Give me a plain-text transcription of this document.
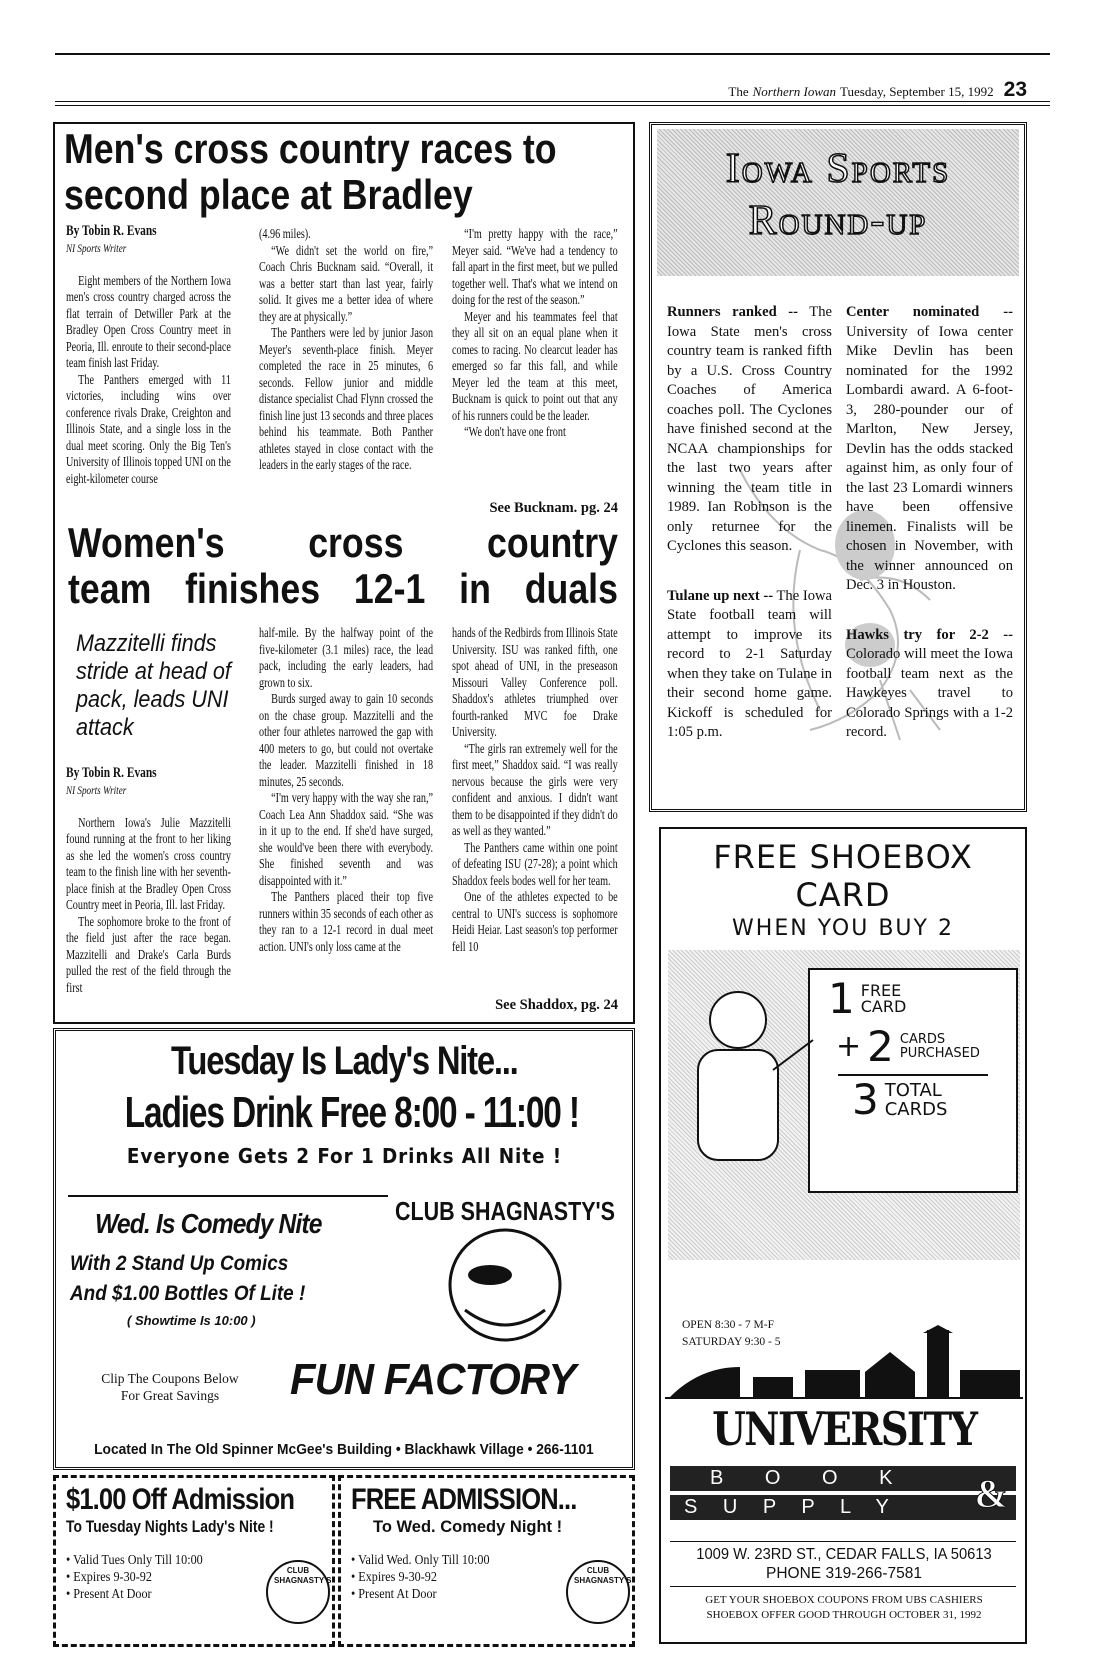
The Northern Iowan Tuesday, September 15, 1992 23
Men's cross country races to second place at Bradley
By Tobin R. Evans
NI Sports Writer

Eight members of the Northern Iowa men's cross country charged across the flat terrain of Detwiller Park at the Bradley Open Cross Country meet in Peoria, Ill. enroute to their second-place team finish last Friday.

The Panthers emerged with 11 victories, including wins over conference rivals Drake, Creighton and Illinois State, and a single loss in the dual meet scoring. Only the Big Ten's University of Illinois topped UNI on the eight-kilometer course

(4.96 miles).

“We didn't set the world on fire,” Coach Chris Bucknam said. “Overall, it was a better start than last year, fairly solid. It gives me a better idea of where they are at physically.”

The Panthers were led by junior Jason Meyer's seventh-place finish. Meyer completed the race in 25 minutes, 6 seconds. Fellow junior and middle distance specialist Chad Flynn crossed the finish line just 13 seconds and three places behind his teammate. Both Panther athletes stayed in close contact with the leaders in the early stages of the race.

“I'm pretty happy with the race,” Meyer said. “We've had a tendency to fall apart in the first meet, but we pulled together well. That's what we intend on doing for the rest of the season.”

Meyer and his teammates feel that they all sit on an equal plane when it comes to racing. No clearcut leader has emerged so far this fall, and while Meyer led the team at this meet, Bucknam is quick to point out that any of his runners could be the leader.

“We don't have one front

See Bucknam. pg. 24
Women's cross country
team finishes 12-1 in duals
Mazzitelli finds stride at head of pack, leads UNI attack
By Tobin R. Evans
NI Sports Writer

Northern Iowa's Julie Mazzitelli found running at the front to her liking as she led the women's cross country team to the finish line with her seventh-place finish at the Bradley Open Cross Country meet in Peoria, Ill. last Friday.

The sophomore broke to the front of the field just after the race began. Mazzitelli and Drake's Carla Burds pulled the rest of the field through the first

half-mile. By the halfway point of the five-kilometer (3.1 miles) race, the lead pack, including the early leaders, had grown to six.

Burds surged away to gain 10 seconds on the chase group. Mazzitelli and the other four athletes narrowed the gap with 400 meters to go, but could not overtake the leader. Mazzitelli finished in 18 minutes, 25 seconds.

“I'm very happy with the way she ran,” Coach Lea Ann Shaddox said. “She was in it up to the end. If she'd have surged, she would've been there with everybody. She finished seventh and was disappointed with it.”

The Panthers placed their top five runners within 35 seconds of each other as they ran to a 12-1 record in dual meet action. UNI's only loss came at the

hands of the Redbirds from Illinois State University. ISU was ranked fifth, one spot ahead of UNI, in the preseason Missouri Valley Conference poll. Shaddox's athletes triumphed over fourth-ranked MVC foe Drake University.

“The girls ran extremely well for the first meet,” Shaddox said. “I was really nervous because the girls were very confident and anxious. I didn't want them to be disappointed if they didn't do as well as they wanted.”

The Panthers came within one point of defeating ISU (27-28); a point which Shaddox feels bodes well for her team.

One of the athletes expected to be central to UNI's success is sophomore Heidi Heiar. Last season's top performer fell 10

See Shaddox, pg. 24
Iowa Sports
Round-up

Runners ranked -- The Iowa State men's cross country team is ranked fifth by a U.S. Cross Country Coaches of America coaches poll. The Cyclones have finished second at the NCAA championships for the last two years after winning the team title in 1989. Ian Robinson is the only returnee for the Cyclones this season.

Tulane up next -- The Iowa State football team will attempt to improve its record to 2-1 Saturday when they take on Tulane in their second home game. Kickoff is scheduled for 1:05 p.m.

Center nominated -- University of Iowa center Mike Devlin has been nominated for the 1992 Lombardi award. A 6-foot-3, 280-pounder our of Marlton, New Jersey, Devlin has the odds stacked against him, as only four of the last 23 Lomardi winners have been offensive linemen. Finalists will be chosen in November, with the winner announced on Dec. 3 in Houston.

Hawks try for 2-2 -- Colorado will meet the Iowa football team next as the Hawkeyes travel to Colorado Springs with a 1-2 record.

Tuesday Is Lady's Nite...
Ladies Drink Free 8:00 - 11:00 !
Everyone Gets 2 For 1 Drinks All Nite !
Wed. Is Comedy Nite
With 2 Stand Up Comics
And $1.00 Bottles Of Lite !
( Showtime Is 10:00 )
Clip The Coupons Below
For Great Savings
CLUB SHAGNASTY'S
FUN FACTORY
Located In The Old Spinner McGee's Building • Blackhawk Village • 266-1101
$1.00 Off Admission
To Tuesday Nights Lady's Nite !
• Valid Tues Only Till 10:00
• Expires 9-30-92
• Present At Door
CLUB SHAGNASTY'S
FREE ADMISSION...
To Wed. Comedy Night !
• Valid Wed. Only Till 10:00
• Expires 9-30-92
• Present At Door
CLUB SHAGNASTY'S
FREE SHOEBOX
CARD
WHEN YOU BUY 2
1 FREE
CARD
+ 2 CARDS
PURCHASED
3 TOTAL
CARDS
OPEN 8:30 - 7 M-F
SATURDAY 9:30 - 5
UNIVERSITY
B O O K
S U P P L Y	&
1009 W. 23RD ST., CEDAR FALLS, IA 50613
PHONE 319-266-7581
GET YOUR SHOEBOX COUPONS FROM UBS CASHIERS
SHOEBOX OFFER GOOD THROUGH OCTOBER 31, 1992
